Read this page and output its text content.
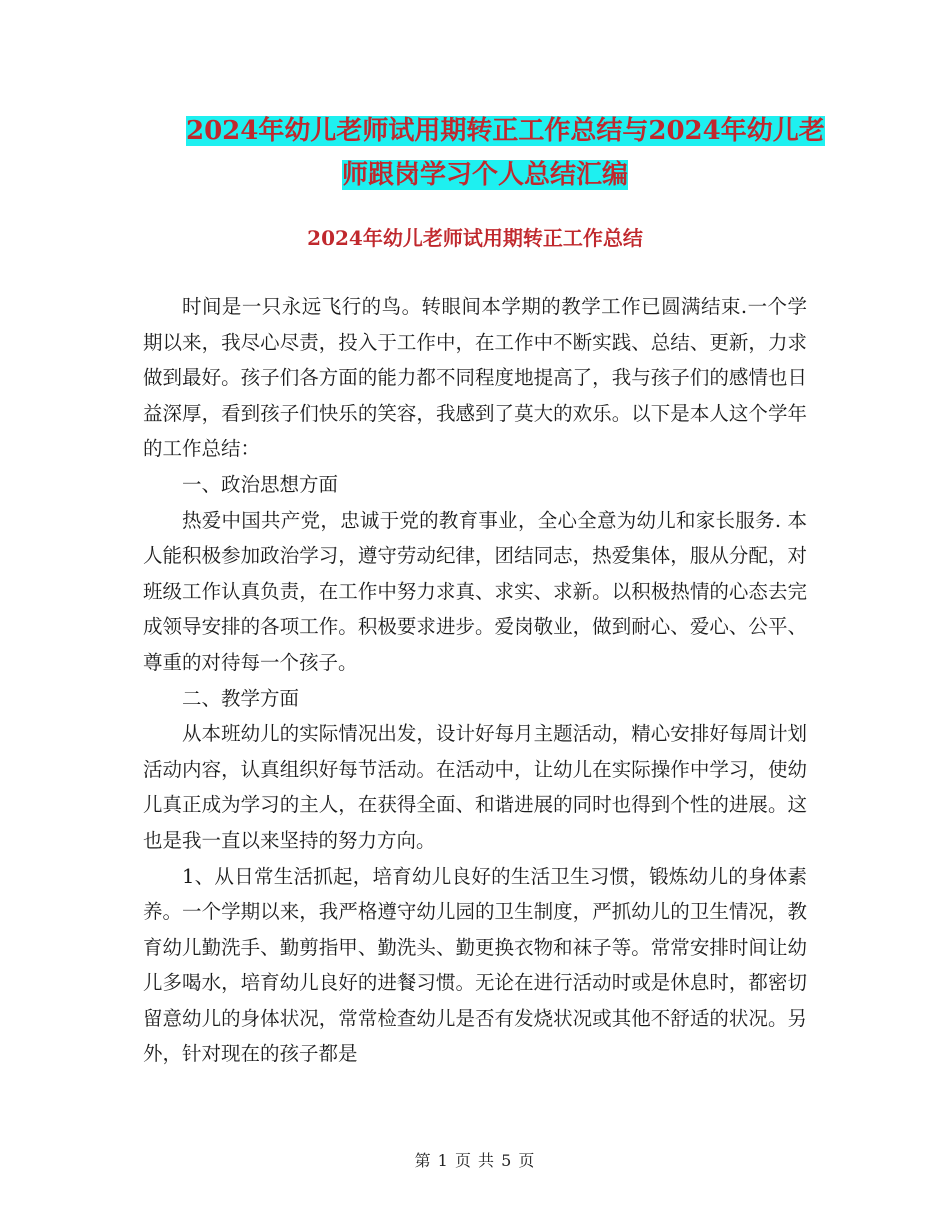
2024年幼儿老师试用期转正工作总结与2024年幼儿老
师跟岗学习个人总结汇编
2024年幼儿老师试用期转正工作总结

时间是一只永远飞行的鸟。转眼间本学期的教学工作已圆满结束.一个学期以来，我尽心尽责，投入于工作中，在工作中不断实践、总结、更新，力求做到最好。孩子们各方面的能力都不同程度地提高了，我与孩子们的感情也日益深厚，看到孩子们快乐的笑容，我感到了莫大的欢乐。以下是本人这个学年的工作总结：

一、政治思想方面

热爱中国共产党，忠诚于党的教育事业，全心全意为幼儿和家长服务. 本人能积极参加政治学习，遵守劳动纪律，团结同志，热爱集体，服从分配，对班级工作认真负责，在工作中努力求真、求实、求新。以积极热情的心态去完成领导安排的各项工作。积极要求进步。爱岗敬业，做到耐心、爱心、公平、尊重的对待每一个孩子。

二、教学方面

从本班幼儿的实际情况出发，设计好每月主题活动，精心安排好每周计划活动内容，认真组织好每节活动。在活动中，让幼儿在实际操作中学习，使幼儿真正成为学习的主人，在获得全面、和谐进展的同时也得到个性的进展。这也是我一直以来坚持的努力方向。

1、从日常生活抓起，培育幼儿良好的生活卫生习惯，锻炼幼儿的身体素养。一个学期以来，我严格遵守幼儿园的卫生制度，严抓幼儿的卫生情况，教育幼儿勤洗手、勤剪指甲、勤洗头、勤更换衣物和袜子等。常常安排时间让幼儿多喝水，培育幼儿良好的进餐习惯。无论在进行活动时或是休息时，都密切留意幼儿的身体状况，常常检查幼儿是否有发烧状况或其他不舒适的状况。另外，针对现在的孩子都是

第 1 页 共 5 页
